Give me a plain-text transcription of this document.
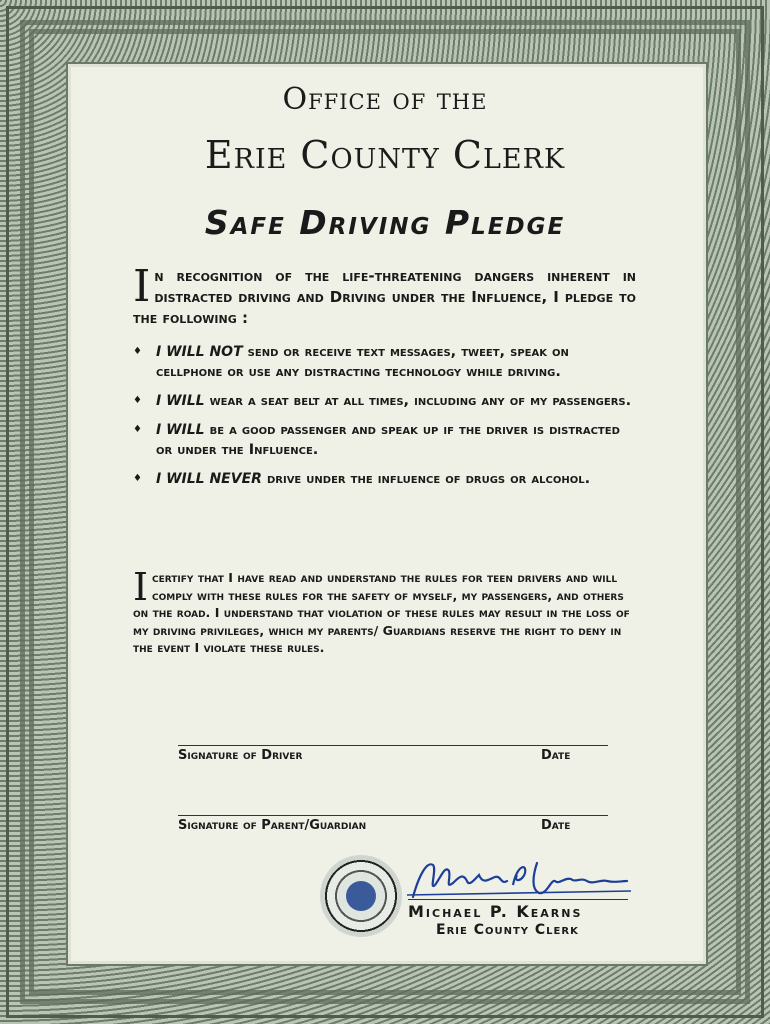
Office of the
Erie County Clerk
Safe Driving Pledge
In recognition of the life-threatening dangers inherent in distracted driving and Driving under the Influence, I pledge to the following :
♦ I WILL NOT send or receive text messages, tweet, speak on cellphone or use any distracting technology while driving.
♦ I WILL wear a seat belt at all times, including any of my passengers.
♦ I WILL be a good passenger and speak up if the driver is distracted or under the Influence.
♦ I WILL NEVER drive under the influence of drugs or alcohol.
I certify that I have read and understand the rules for teen drivers and will comply with these rules for the safety of myself, my passengers, and others on the road. I understand that violation of these rules may result in the loss of my driving privileges, which my parents/ Guardians reserve the right to deny in the event I violate these rules.
Signature of Driver	Date
Signature of Parent/Guardian	Date
Michael P. Kearns
Erie County Clerk
